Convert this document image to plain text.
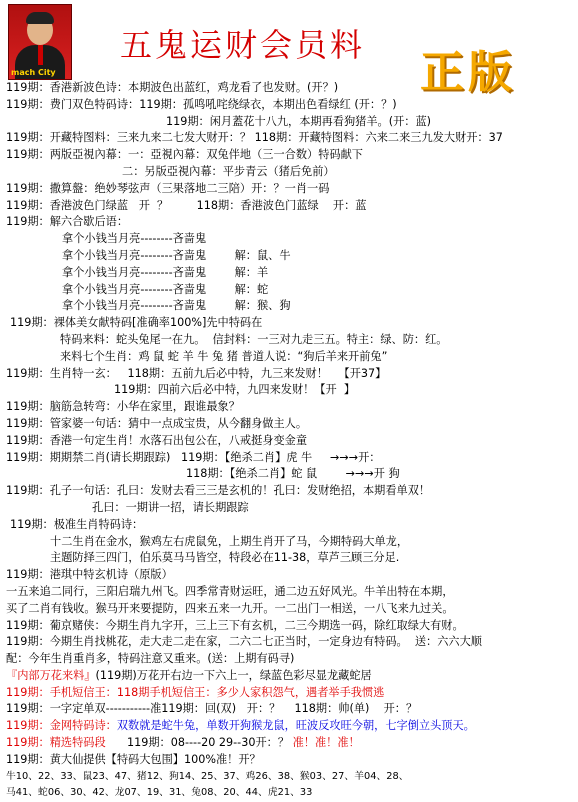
mach City
五鬼运财会员料
正版
119期：香港新波色诗：本期波色出蓝红，鸡龙看了也发财。(开？)
119期：费门双色特码诗：119期：孤鸣吼咤绕绿衣，本期出色看绿红 (开：？)
119期：闲月蓋花十八九，本期再看狗猪羊。(开：蓝)
119期：开藏特图料：三来九来二七发大财开：？ 118期：开藏特图料：六来二来三九发大财开：37
119期：两版亞視內幕：一：亞視內幕：双兔伴地（三一合数）特码献下
二：另版亞視內幕：平步青云（猪后免前）
119期：撒算盤：绝妙琴弦声（三果落地二三陪）开：？一肖一码
119期：香港波色门绿蓝   开  ？        118期：香港波色门蓝绿    开：蓝
119期：解六合歇后语：
拿个小钱当月亮--------吝啬鬼
拿个小钱当月亮--------吝啬鬼        解：鼠、牛
拿个小钱当月亮--------吝啬鬼        解：羊
拿个小钱当月亮--------吝啬鬼        解：蛇
拿个小钱当月亮--------吝啬鬼        解：猴、狗
119期：裸体美女献特码[准确率100%]先中特码在
特码来料：蛇头兔尾一在九。  信封料：一三对九走三五。特主：绿、防：红。
来料七个生肖：鸡 鼠 蛇 羊 牛 兔 猪 普道人说：“狗后羊来开前兔”
119期：生肖特一玄：   118期：五前九后必中特，九三来发财！   【开37】
119期：四前六后必中特，九四来发财！【开  】
119期：脑筋急转弯：小华在家里，跟谁最象？
119期：管家婆一句话：猜中一点成宝贵，从今翻身做主人。
119期：香港一句定生肖！水落石出包公在，八戒挺身变金童
119期：期期禁二肖(请长期跟踪)   119期：【绝杀二肖】虎 牛     →→→开：
118期：【绝杀二肖】蛇 鼠        →→→开 狗
119期：孔子一句话：孔曰：发财去看三三是玄机的！孔曰：发财绝招，本期看单双！
孔曰：一期讲一招，请长期跟踪
119期：极准生肖特码诗：
十二生肖在金水，猴鸡左右虎鼠免，上期生肖开了马，今期特码大单龙，
主题防择三四门，伯乐莫马马皆空，特段必在11-38，草芦三顾三分足.
119期：港琪中特玄机诗（原版）
一五来追二同行，三阳启瑞九州飞。四季常青财运旺，通二边五好风光。牛羊出特在本期，
买了二肖有钱收。猴马开来要提防，四来五来一九开。一二出门一相送，一八飞来九过关。
119期：葡京赌侠：今期生肖九字开，三上三下有玄机，二三今期选一码，除红取绿大有财。
119期：今期生肖找桃花，走大走二走在家，二六二七正当时，一定身边有特码。  送：六六大顺
配：今年生肖重肖多，特码注意又重来。(送：上期有码寻)
『内部万花来料』(119期)万花开右边一下六上一，绿蓝色彩尽显龙藏蛇居
119期：手机短信王：118期手机短信王：多少人家积怨气，遇者举手我惯逃
119期：一字定单双-----------准119期：回(双)   开：？    118期：帅(单)    开：？
119期：金网特码诗：双数就是蛇牛兔，单数开狗猴龙鼠，旺波反攻旺今朝，七字倒立头顶天。
119期：精选特码段      119期：08----20 29--30开：？ 准！准！准！
119期：黄大仙提供【特码大包围】100%准！开？
牛10、22、33、鼠23、47、猪12、狗14、25、37、鸡26、38、猴03、27、羊04、28、
马41、蛇06、30、42、龙07、19、31、兔08、20、44、虎21、33
